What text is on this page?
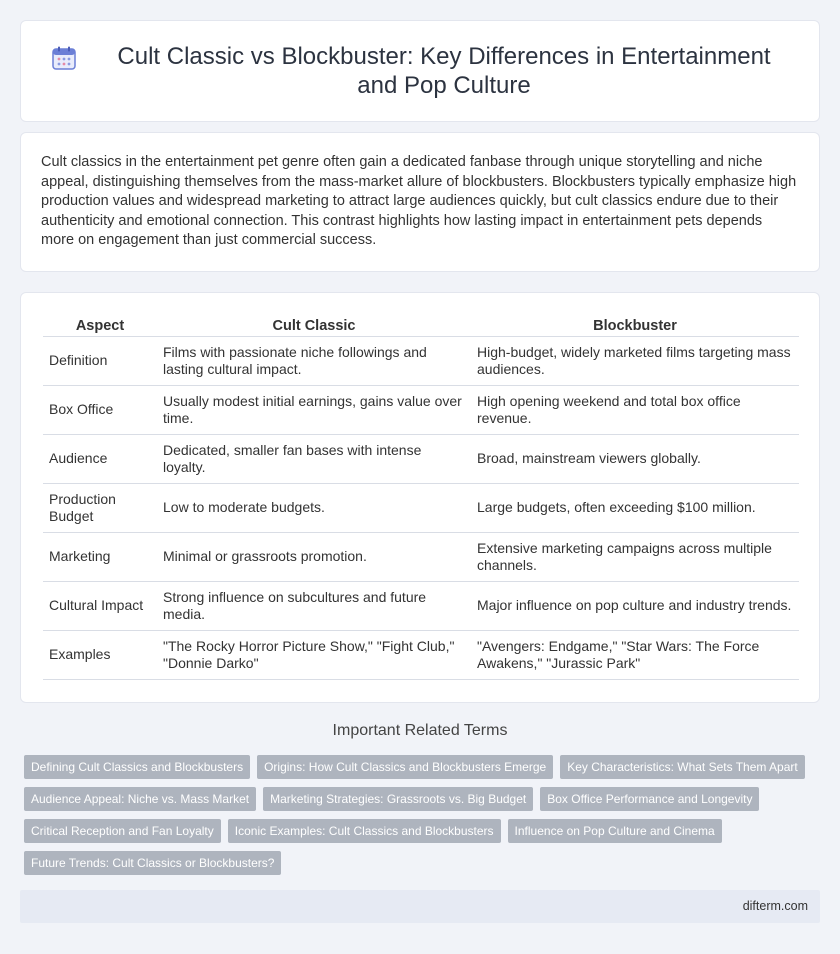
Cult Classic vs Blockbuster: Key Differences in Entertainment and Pop Culture

Cult classics in the entertainment pet genre often gain a dedicated fanbase through unique storytelling and niche appeal, distinguishing themselves from the mass-market allure of blockbusters. Blockbusters typically emphasize high production values and widespread marketing to attract large audiences quickly, but cult classics endure due to their authenticity and emotional connection. This contrast highlights how lasting impact in entertainment pets depends more on engagement than just commercial success.

Aspect	Cult Classic	Blockbuster
Definition	Films with passionate niche followings and lasting cultural impact.	High-budget, widely marketed films targeting mass audiences.
Box Office	Usually modest initial earnings, gains value over time.	High opening weekend and total box office revenue.
Audience	Dedicated, smaller fan bases with intense loyalty.	Broad, mainstream viewers globally.
Production Budget	Low to moderate budgets.	Large budgets, often exceeding $100 million.
Marketing	Minimal or grassroots promotion.	Extensive marketing campaigns across multiple channels.
Cultural Impact	Strong influence on subcultures and future media.	Major influence on pop culture and industry trends.
Examples	"The Rocky Horror Picture Show," "Fight Club," "Donnie Darko"	"Avengers: Endgame," "Star Wars: The Force Awakens," "Jurassic Park"
Important Related Terms
Defining Cult Classics and Blockbusters	Origins: How Cult Classics and Blockbusters Emerge	Key Characteristics: What Sets Them Apart
Audience Appeal: Niche vs. Mass Market	Marketing Strategies: Grassroots vs. Big Budget	Box Office Performance and Longevity
Critical Reception and Fan Loyalty	Iconic Examples: Cult Classics and Blockbusters	Influence on Pop Culture and Cinema
Future Trends: Cult Classics or Blockbusters?
difterm.com
